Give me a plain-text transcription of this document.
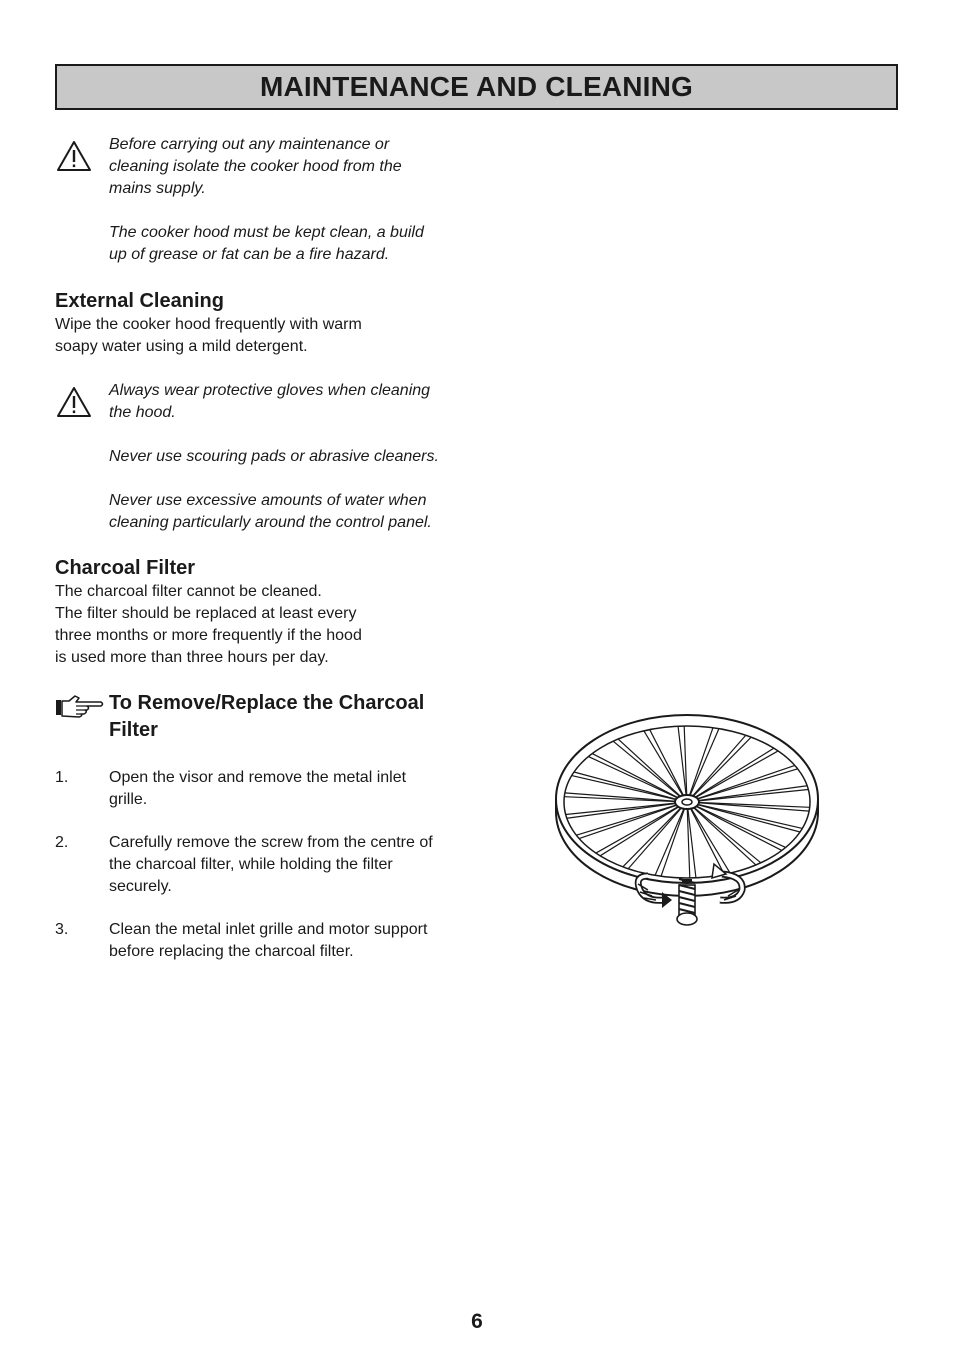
MAINTENANCE AND CLEANING

Before carrying out any maintenance or

cleaning isolate the cooker hood from the

mains supply.

The cooker hood must be kept clean, a build

up of grease or fat can be a fire hazard.

External Cleaning

Wipe the cooker hood frequently with warm

soapy water using a mild detergent.

Always wear protective gloves when cleaning

the hood.

Never use scouring pads or abrasive cleaners.

Never use excessive amounts of water when

cleaning particularly around the control panel.

Charcoal Filter

The charcoal filter cannot be cleaned.

The filter should be replaced at least every

three months or more frequently if the hood

is used more than three hours per day.

To Remove/Replace the Charcoal
Filter
1.	Open the visor and remove the metal inlet
grille.
2.	Carefully remove the screw from the centre of
the charcoal filter, while holding the filter
securely.
3.	Clean the metal inlet grille and motor support
before replacing the charcoal filter.
6
